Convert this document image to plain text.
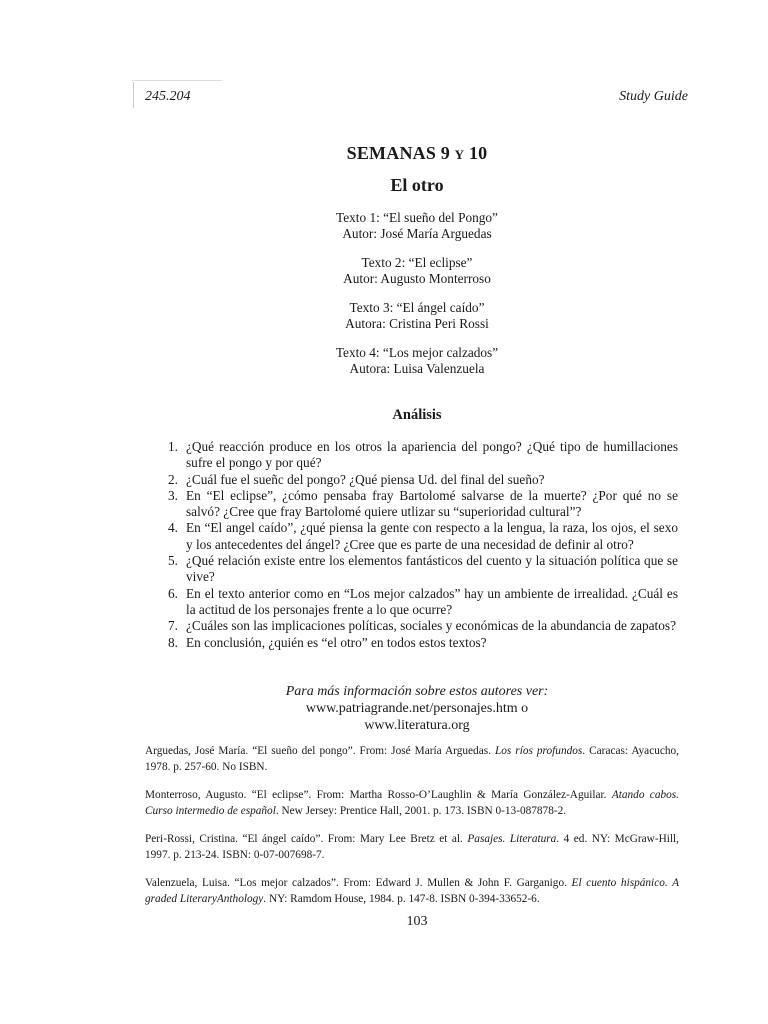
245.204	Study Guide
SEMANAS 9 Y 10
El otro
Texto 1: “El sueño del Pongo”
Autor: José María Arguedas
Texto 2: “El eclipse”
Autor: Augusto Monterroso
Texto 3: “El ángel caído”
Autora: Cristina Peri Rossi
Texto 4: “Los mejor calzados”
Autora: Luisa Valenzuela
Análisis
1. ¿Qué reacción produce en los otros la apariencia del pongo? ¿Qué tipo de humillaciones sufre el pongo y por qué?
2. ¿Cuál fue el sueñc del pongo? ¿Qué piensa Ud. del final del sueño?
3. En “El eclipse”, ¿cómo pensaba fray Bartolomé salvarse de la muerte? ¿Por qué no se salvó? ¿Cree que fray Bartolomé quiere utlizar su “superioridad cultural”?
4. En “El angel caído”, ¿qué piensa la gente con respecto a la lengua, la raza, los ojos, el sexo y los antecedentes del ángel? ¿Cree que es parte de una necesidad de definir al otro?
5. ¿Qué relación existe entre los elementos fantásticos del cuento y la situación política que se vive?
6. En el texto anterior como en “Los mejor calzados” hay un ambiente de irrealidad. ¿Cuál es la actitud de los personajes frente a lo que ocurre?
7. ¿Cuáles son las implicaciones políticas, sociales y económicas de la abundancia de zapatos?
8. En conclusión, ¿quién es “el otro” en todos estos textos?
Para más información sobre estos autores ver:
www.patriagrande.net/personajes.htm o
www.literatura.org
Arguedas, José María. “El sueño del pongo”. From: José María Arguedas. Los ríos profundos. Caracas: Ayacucho, 1978. p. 257-60. No ISBN.
Monterroso, Augusto. “El eclipse”. From: Martha Rosso-O’Laughlin & María González-Aguilar. Atando cabos. Curso intermedio de español. New Jersey: Prentice Hall, 2001. p. 173. ISBN 0-13-087878-2.
Peri-Rossi, Cristina. “El ángel caído”. From: Mary Lee Bretz et al. Pasajes. Literatura. 4 ed. NY: McGraw-Hill, 1997. p. 213-24. ISBN: 0-07-007698-7.
Valenzuela, Luisa. “Los mejor calzados”. From: Edward J. Mullen & John F. Garganigo. El cuento hispánico. A graded LiteraryAnthology. NY: Ramdom House, 1984. p. 147-8. ISBN 0-394-33652-6.
103
